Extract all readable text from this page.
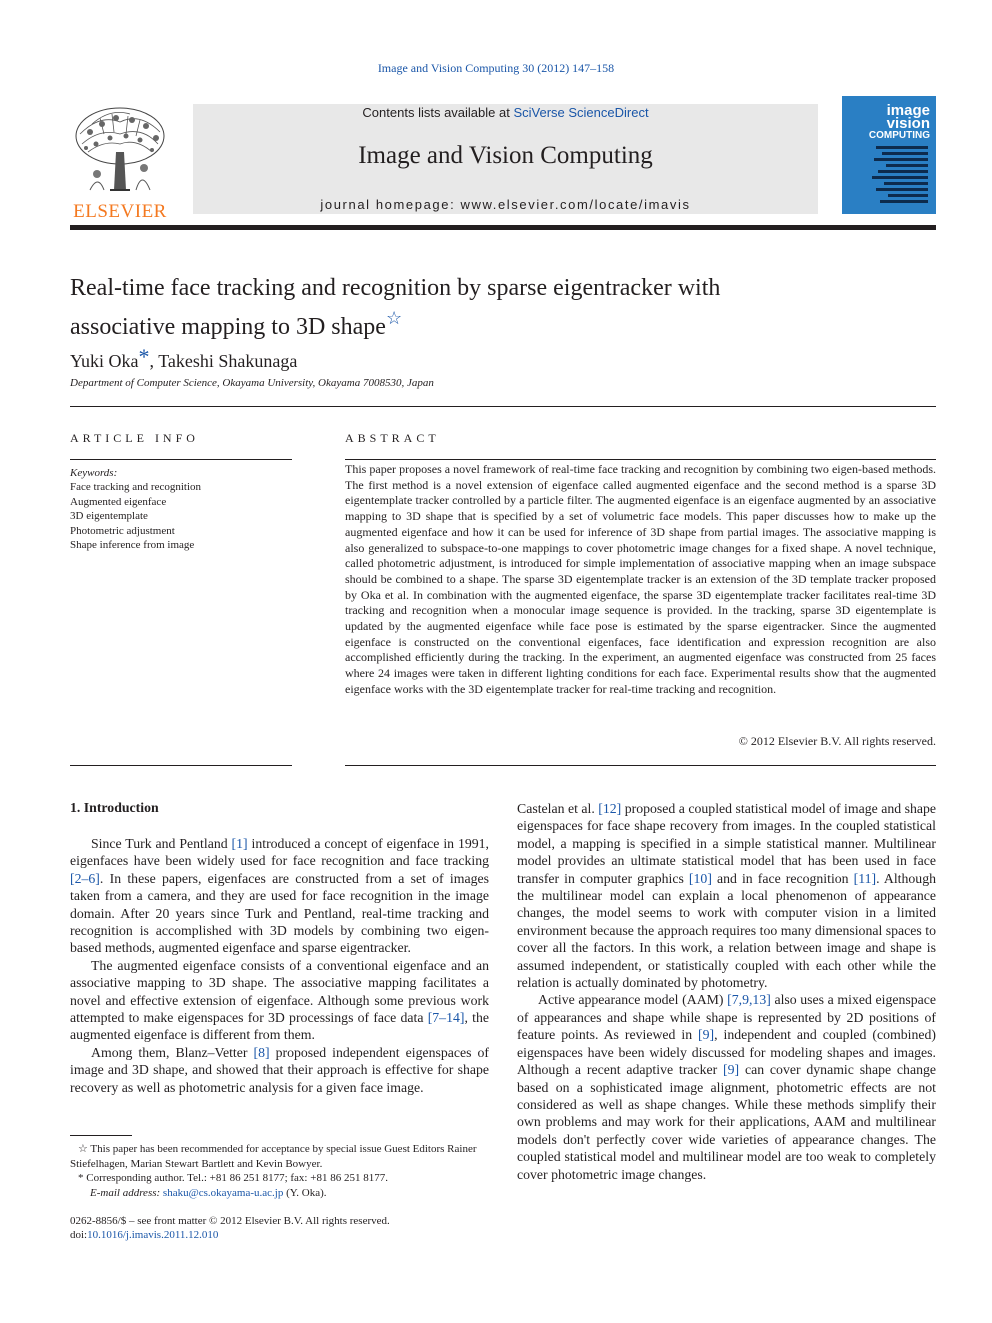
Image and Vision Computing 30 (2012) 147–158
ELSEVIER
Contents lists available at SciVerse ScienceDirect
Image and Vision Computing
journal homepage: www.elsevier.com/locate/imavis
image
vision
COMPUTING
Real-time face tracking and recognition by sparse eigentracker with
associative mapping to 3D shape☆
Yuki Oka*, Takeshi Shakunaga
Department of Computer Science, Okayama University, Okayama 7008530, Japan
ARTICLE INFO	ABSTRACT
Keywords:
Face tracking and recognition
Augmented eigenface
3D eigentemplate
Photometric adjustment
Shape inference from image
This paper proposes a novel framework of real-time face tracking and recognition by combining two eigen-based methods. The first method is a novel extension of eigenface called augmented eigenface and the second method is a sparse 3D eigentemplate tracker controlled by a particle filter. The augmented eigenface is an eigenface augmented by an associative mapping to 3D shape that is specified by a set of volumetric face models. This paper discusses how to make up the augmented eigenface and how it can be used for inference of 3D shape from partial images. The associative mapping is also generalized to subspace-to-one mappings to cover photometric image changes for a fixed shape. A novel technique, called photometric adjustment, is introduced for simple implementation of associative mapping when an image subspace should be combined to a shape. The sparse 3D eigentemplate tracker is an extension of the 3D template tracker proposed by Oka et al. In combination with the augmented eigenface, the sparse 3D eigentemplate tracker facilitates real-time 3D tracking and recognition when a monocular image sequence is provided. In the tracking, sparse 3D eigentemplate is updated by the augmented eigenface while face pose is estimated by the sparse eigentracker. Since the augmented eigenface is constructed on the conventional eigenfaces, face identification and expression recognition are also accomplished efficiently during the tracking. In the experiment, an augmented eigenface was constructed from 25 faces where 24 images were taken in different lighting conditions for each face. Experimental results show that the augmented eigenface works with the 3D eigentemplate tracker for real-time tracking and recognition.
© 2012 Elsevier B.V. All rights reserved.
1. Introduction

Since Turk and Pentland [1] introduced a concept of eigenface in 1991, eigenfaces have been widely used for face recognition and face tracking [2–6]. In these papers, eigenfaces are constructed from a set of images taken from a camera, and they are used for face recognition in the image domain. After 20 years since Turk and Pentland, real-time tracking and recognition is accomplished with 3D models by combining two eigen-based methods, augmented eigenface and sparse eigentracker.

The augmented eigenface consists of a conventional eigenface and an associative mapping to 3D shape. The associative mapping facilitates a novel and effective extension of eigenface. Although some previous work attempted to make eigenspaces for 3D processings of face data [7–14], the augmented eigenface is different from them.

Among them, Blanz–Vetter [8] proposed independent eigenspaces of image and 3D shape, and showed that their approach is effective for shape recovery as well as photometric analysis for a given face image.

Castelan et al. [12] proposed a coupled statistical model of image and shape eigenspaces for face shape recovery from images. In the coupled statistical model, a mapping is specified in a simple statistical manner. Multilinear model provides an ultimate statistical model that has been used in face transfer in computer graphics [10] and in face recognition [11]. Although the multilinear model can explain a local phenomenon of appearance changes, the model seems to work with computer vision in a limited environment because the approach requires too many dimensional spaces to cover all the factors. In this work, a relation between image and shape is assumed independent, or statistically coupled with each other while the relation is actually dominated by photometry.

Active appearance model (AAM) [7,9,13] also uses a mixed eigenspace of appearances and shape while shape is represented by 2D positions of feature points. As reviewed in [9], independent and coupled (combined) eigenspaces have been widely discussed for modeling shapes and images. Although a recent adaptive tracker [9] can cover dynamic shape change based on a sophisticated image alignment, photometric effects are not considered as well as shape changes. While these methods simplify their own problems and may work for their applications, AAM and multilinear models don't perfectly cover wide varieties of appearance changes. The coupled statistical model and multilinear model are too weak to completely cover photometric image changes.

☆ This paper has been recommended for acceptance by special issue Guest Editors Rainer Stiefelhagen, Marian Stewart Bartlett and Kevin Bowyer.

* Corresponding author. Tel.: +81 86 251 8177; fax: +81 86 251 8177.

E-mail address: shaku@cs.okayama-u.ac.jp (Y. Oka).

0262-8856/$ – see front matter © 2012 Elsevier B.V. All rights reserved.
doi:10.1016/j.imavis.2011.12.010
